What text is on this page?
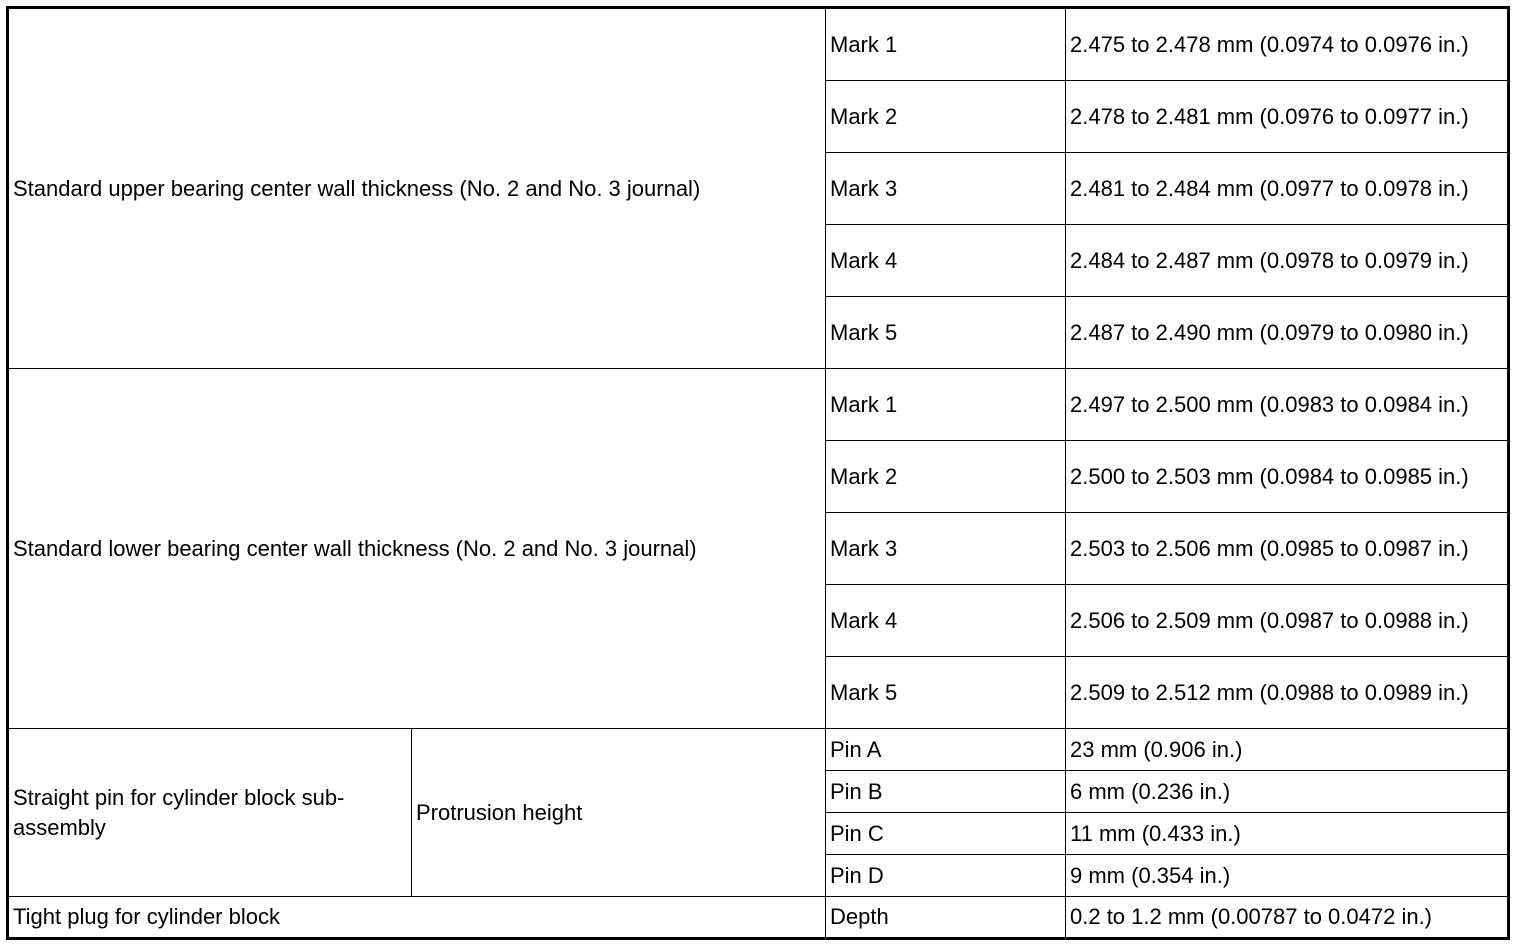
Standard upper bearing center wall thickness (No. 2 and No. 3 journal)		Mark 1	2.475 to 2.478 mm (0.0974 to 0.0976 in.)
		Mark 2	2.478 to 2.481 mm (0.0976 to 0.0977 in.)
		Mark 3	2.481 to 2.484 mm (0.0977 to 0.0978 in.)
		Mark 4	2.484 to 2.487 mm (0.0978 to 0.0979 in.)
		Mark 5	2.487 to 2.490 mm (0.0979 to 0.0980 in.)
Standard lower bearing center wall thickness (No. 2 and No. 3 journal)		Mark 1	2.497 to 2.500 mm (0.0983 to 0.0984 in.)
		Mark 2	2.500 to 2.503 mm (0.0984 to 0.0985 in.)
		Mark 3	2.503 to 2.506 mm (0.0985 to 0.0987 in.)
		Mark 4	2.506 to 2.509 mm (0.0987 to 0.0988 in.)
		Mark 5	2.509 to 2.512 mm (0.0988 to 0.0989 in.)
Straight pin for cylinder block sub-assembly	Protrusion height	Pin A	23 mm (0.906 in.)
		Pin B	6 mm (0.236 in.)
		Pin C	11 mm (0.433 in.)
		Pin D	9 mm (0.354 in.)
Tight plug for cylinder block		Depth	0.2 to 1.2 mm (0.00787 to 0.0472 in.)
